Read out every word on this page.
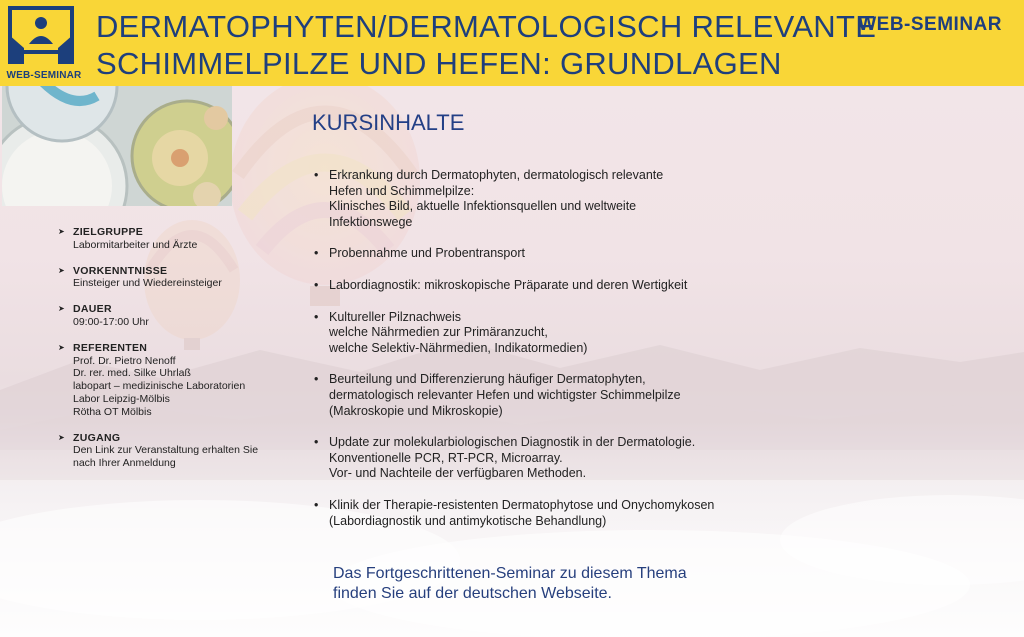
WEB-SEMINAR
DERMATOPHYTEN/DERMATOLOGISCH RELEVANTE
SCHIMMELPILZE UND HEFEN: GRUNDLAGEN
WEB-SEMINAR
KURSINHALTE
• Erkrankung durch Dermatophyten, dermatologisch relevante
Hefen und Schimmelpilze:
Klinisches Bild, aktuelle Infektionsquellen und weltweite
Infektionswege
• Probennahme und Probentransport
• Labordiagnostik: mikroskopische Präparate und deren Wertigkeit
• Kultureller Pilznachweis
welche Nährmedien zur Primäranzucht,
welche Selektiv-Nährmedien, Indikatormedien)
• Beurteilung und Differenzierung häufiger Dermatophyten,
dermatologisch relevanter Hefen und wichtigster Schimmelpilze
(Makroskopie und Mikroskopie)
• Update zur molekularbiologischen Diagnostik in der Dermatologie.
Konventionelle PCR, RT-PCR, Microarray.
Vor- und Nachteile der verfügbaren Methoden.
• Klinik der Therapie-resistenten Dermatophytose und Onychomykosen
(Labordiagnostik und antimykotische Behandlung)
➤ ZIELGRUPPE
Labormitarbeiter und Ärzte
➤ VORKENNTNISSE
Einsteiger und Wiedereinsteiger
➤ DAUER
09:00-17:00 Uhr
➤ REFERENTEN
Prof. Dr. Pietro Nenoff
Dr. rer. med. Silke Uhrlaß
labopart – medizinische Laboratorien
Labor Leipzig-Mölbis
Rötha OT Mölbis
➤ ZUGANG
Den Link zur Veranstaltung erhalten Sie
nach Ihrer Anmeldung
Das Fortgeschrittenen-Seminar zu diesem Thema
finden Sie auf der deutschen Webseite.
